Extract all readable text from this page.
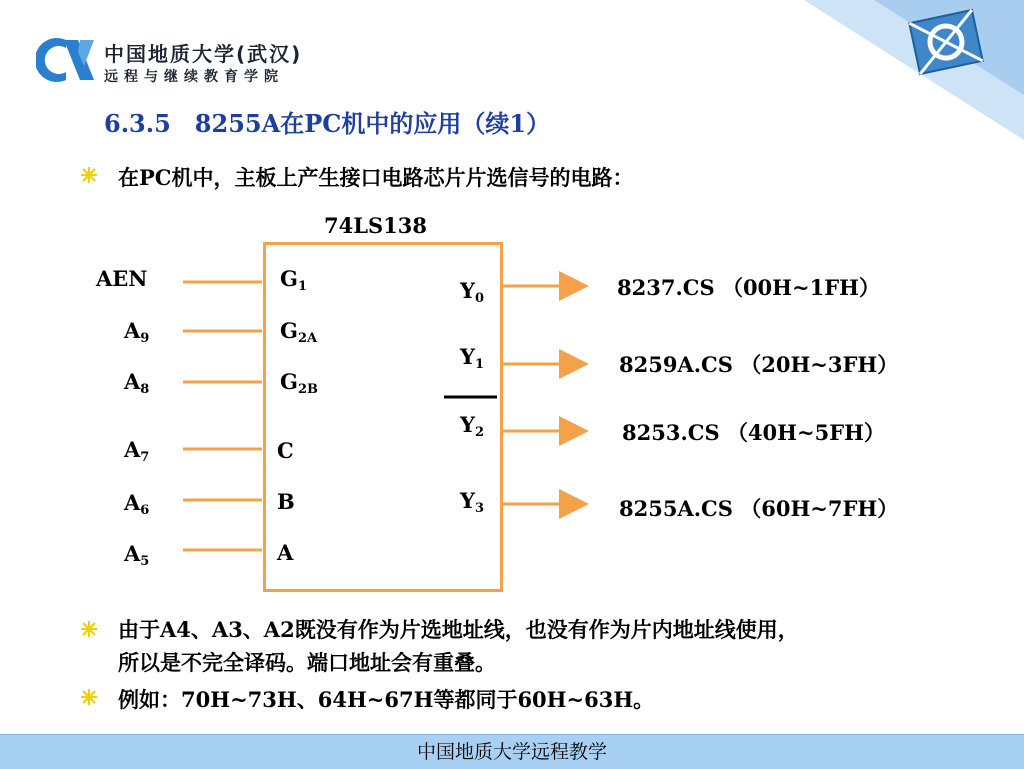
中国地质大学(武汉)
远程与继续教育学院
6.3.5　8255A在PC机中的应用（续1）
在PC机中，主板上产生接口电路芯片片选信号的电路：
74LS138
AEN
$A_9$
$A_8$
$A_7$
$A_6$
$A_5$
$G_1$
$G_{2A}$
$G_{2B}$
C
B
A
$Y_0$
$Y_1$
$Y_2$
$Y_3$
8237.CS （00H~1FH）
8259A.CS （20H~3FH）
8253.CS （40H~5FH）
8255A.CS （60H~7FH）
由于A4、A3、A2既没有作为片选地址线，也没有作为片内地址线使用，
所以是不完全译码。端口地址会有重叠。
例如：70H~73H、64H~67H等都同于60H~63H。
中国地质大学远程教学
